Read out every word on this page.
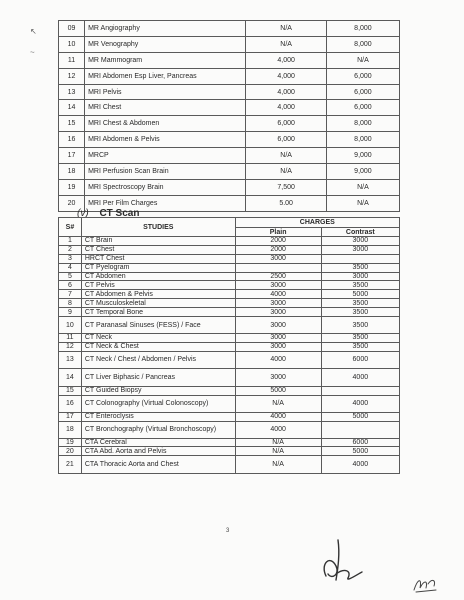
↖
~
09	MR Angiography	N/A	8,000
10	MR Venography	N/A	8,000
11	MR Mammogram	4,000	N/A
12	MRI Abdomen Esp Liver, Pancreas	4,000	6,000
13	MRI Pelvis	4,000	6,000
14	MRI Chest	4,000	6,000
15	MRI Chest & Abdomen	6,000	8,000
16	MRI Abdomen & Pelvis	6,000	8,000
17	MRCP	N/A	9,000
18	MRI Perfusion Scan Brain	N/A	9,000
19	MRI Spectroscopy Brain	7,500	N/A
20	MRI Per Film Charges	5.00	N/A
(v) CT Scan
S#	STUDIES	CHARGES	
		Plain	Contrast
1	CT Brain	2000	3000
2	CT Chest	2000	3000
3	HRCT Chest	3000	
4	CT Pyelogram		3500
5	CT Abdomen	2500	3000
6	CT Pelvis	3000	3500
7	CT Abdomen & Pelvis	4000	5000
8	CT Musculoskeletal	3000	3500
9	CT Temporal Bone	3000	3500
10	CT Paranasal Sinuses (FESS) / Face	3000	3500
11	CT Neck	3000	3500
12	CT Neck & Chest	3000	3500
13	CT Neck / Chest / Abdomen / Pelvis	4000	6000
14	CT Liver Biphasic / Pancreas	3000	4000
15	CT Guided Biopsy	5000	
16	CT Colonography (Virtual Colonoscopy)	N/A	4000
17	CT Enteroclysis	4000	5000
18	CT Bronchography (Virtual Bronchoscopy)	4000	
19	CTA Cerebral	N/A	6000
20	CTA Abd. Aorta and Pelvis	N/A	5000
21	CTA Thoracic Aorta and Chest	N/A	4000
3
